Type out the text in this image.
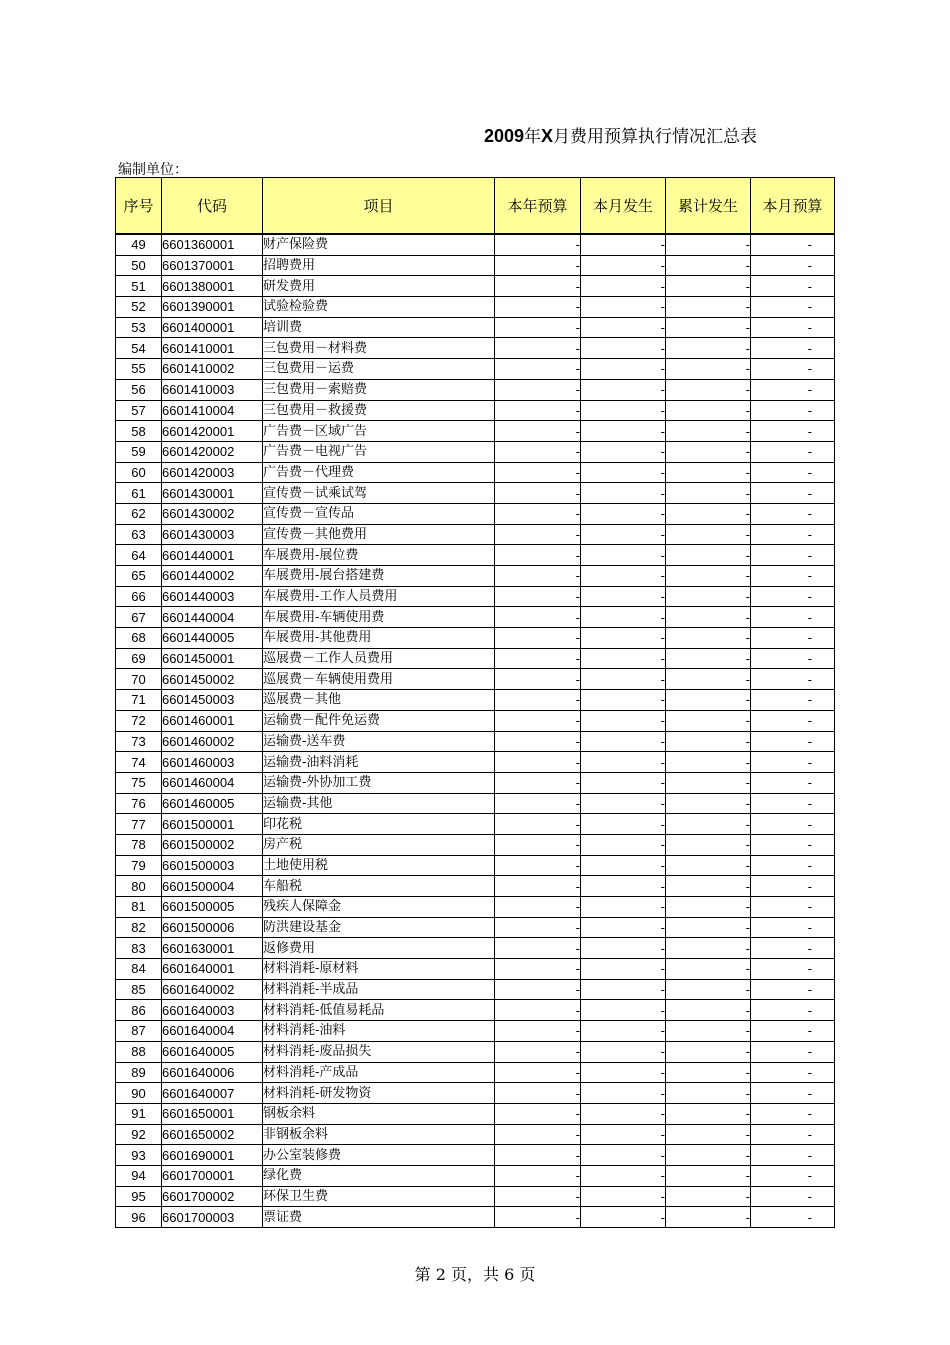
2009年X月费用预算执行情况汇总表
编制单位：
序号	代码	项目	本年预算	本月发生	累计发生	本月预算
49	6601360001	财产保险费	-	-	-	-
50	6601370001	招聘费用	-	-	-	-
51	6601380001	研发费用	-	-	-	-
52	6601390001	试验检验费	-	-	-	-
53	6601400001	培训费	-	-	-	-
54	6601410001	三包费用－材料费	-	-	-	-
55	6601410002	三包费用－运费	-	-	-	-
56	6601410003	三包费用－索赔费	-	-	-	-
57	6601410004	三包费用－救援费	-	-	-	-
58	6601420001	广告费－区域广告	-	-	-	-
59	6601420002	广告费－电视广告	-	-	-	-
60	6601420003	广告费－代理费	-	-	-	-
61	6601430001	宣传费－试乘试驾	-	-	-	-
62	6601430002	宣传费－宣传品	-	-	-	-
63	6601430003	宣传费－其他费用	-	-	-	-
64	6601440001	车展费用-展位费	-	-	-	-
65	6601440002	车展费用-展台搭建费	-	-	-	-
66	6601440003	车展费用-工作人员费用	-	-	-	-
67	6601440004	车展费用-车辆使用费	-	-	-	-
68	6601440005	车展费用-其他费用	-	-	-	-
69	6601450001	巡展费－工作人员费用	-	-	-	-
70	6601450002	巡展费－车辆使用费用	-	-	-	-
71	6601450003	巡展费－其他	-	-	-	-
72	6601460001	运输费－配件免运费	-	-	-	-
73	6601460002	运输费-送车费	-	-	-	-
74	6601460003	运输费-油料消耗	-	-	-	-
75	6601460004	运输费-外协加工费	-	-	-	-
76	6601460005	运输费-其他	-	-	-	-
77	6601500001	印花税	-	-	-	-
78	6601500002	房产税	-	-	-	-
79	6601500003	土地使用税	-	-	-	-
80	6601500004	车船税	-	-	-	-
81	6601500005	残疾人保障金	-	-	-	-
82	6601500006	防洪建设基金	-	-	-	-
83	6601630001	返修费用	-	-	-	-
84	6601640001	材料消耗-原材料	-	-	-	-
85	6601640002	材料消耗-半成品	-	-	-	-
86	6601640003	材料消耗-低值易耗品	-	-	-	-
87	6601640004	材料消耗-油料	-	-	-	-
88	6601640005	材料消耗-废品损失	-	-	-	-
89	6601640006	材料消耗-产成品	-	-	-	-
90	6601640007	材料消耗-研发物资	-	-	-	-
91	6601650001	钢板余料	-	-	-	-
92	6601650002	非钢板余料	-	-	-	-
93	6601690001	办公室装修费	-	-	-	-
94	6601700001	绿化费	-	-	-	-
95	6601700002	环保卫生费	-	-	-	-
96	6601700003	票证费	-	-	-	-
第 2 页，共 6 页
